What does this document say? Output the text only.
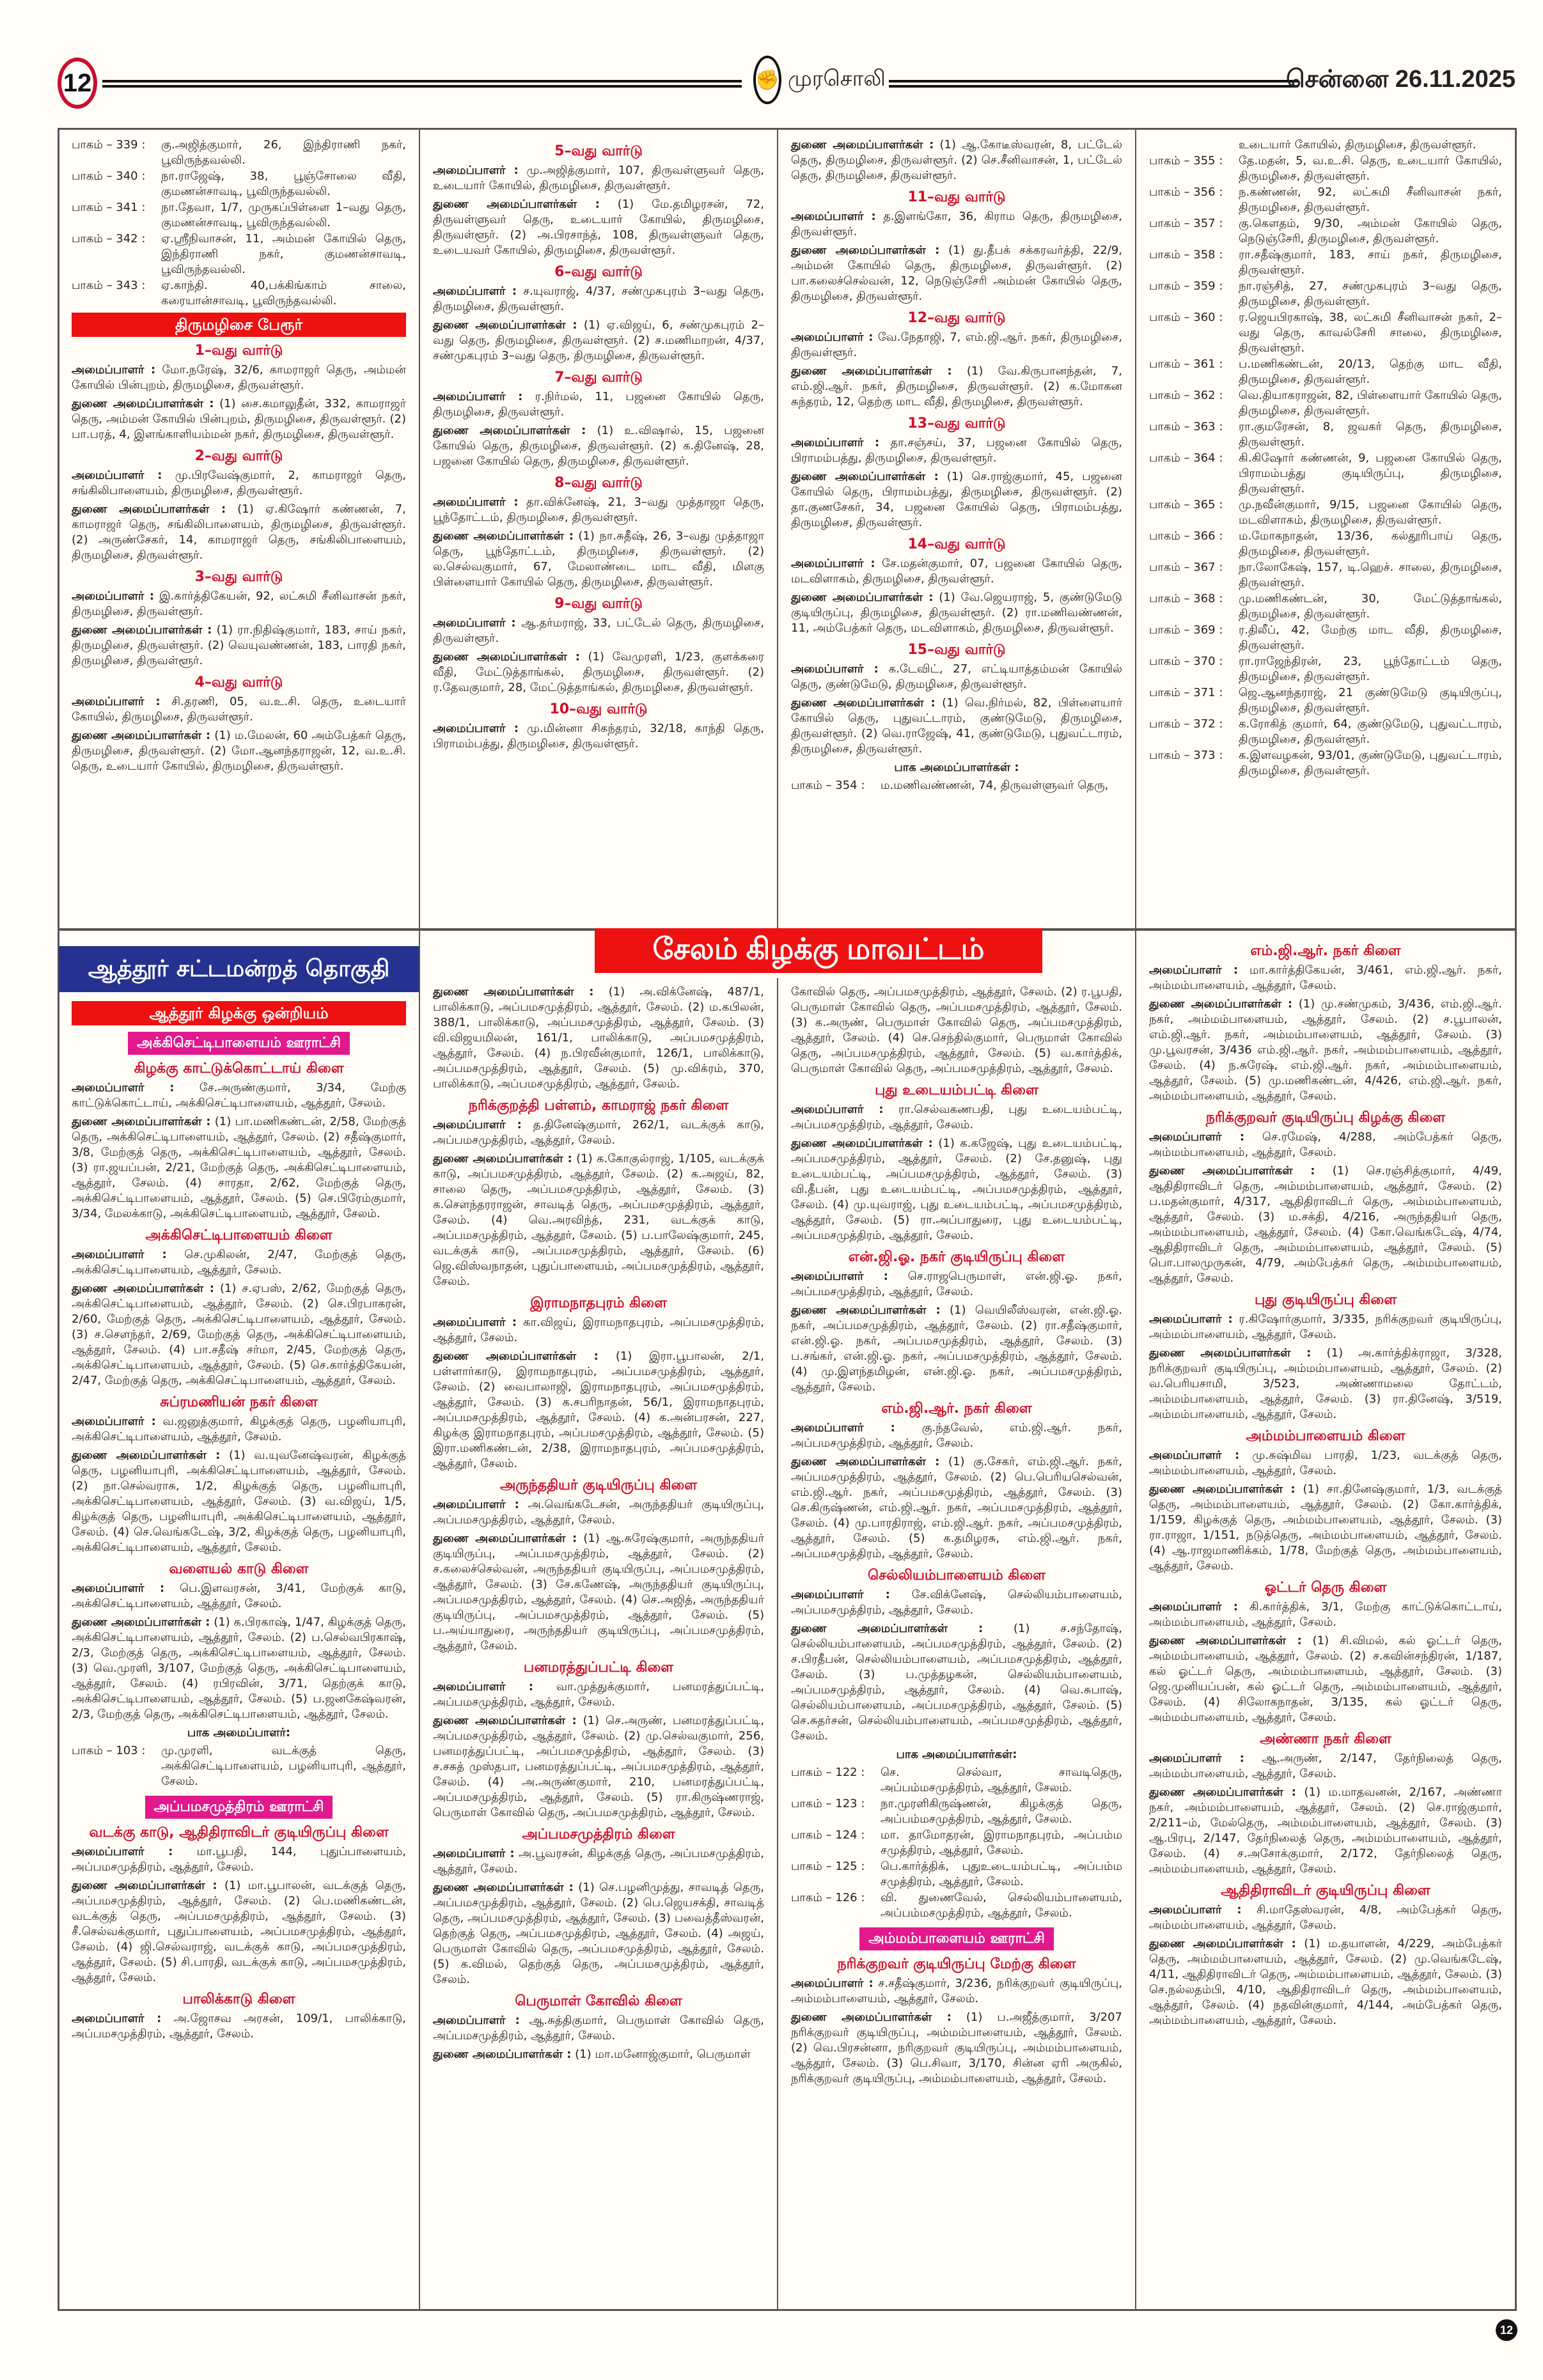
12	✊ முரசொலி	சென்னை 26.11.2025
சேலம் கிழக்கு மாவட்டம்
பாகம் – 339 :	கு.அஜித்குமார், 26, இந்திராணி நகர், பூவிருந்தவல்லி.
பாகம் – 340 :	நா.ராஜேஷ், 38, பூஞ்சோலை வீதி, குமணன்சாவடி, பூவிருந்தவல்லி.
பாகம் – 341 :	நா.தேவா, 1/7, முருகப்பிள்ளை 1–வது தெரு, குமணன்சாவடி, பூவிருந்தவல்லி.
பாகம் – 342 :	ஏ.ஸ்ரீநிவாசன், 11, அம்மன் கோயில் தெரு, இந்திராணி நகர், குமணன்சாவடி, பூவிருந்தவல்லி.
பாகம் – 343 :	ஏ.காந்தி. 40,பக்கிங்காம் சாலை, கரையான்சாவடி, பூவிருந்தவல்லி.
திருமழிசை பேரூர்
1–வது வார்டு

அமைப்பாளர் : மோ.நரேஷ், 32/6, காமராஜர் தெரு, அம்மன் கோயில் பின்புறம், திருமழிசை, திருவள்ளூர்.

துணை அமைப்பாளர்கள் : (1) சை.கமாலுதீன், 332, காமராஜர் தெரு, அம்மன் கோயில் பின்புறம், திருமழிசை, திருவள்ளூர். (2) பா.பரத், 4, இளங்காளியம்மன் நகர், திருமழிசை, திருவள்ளூர்.

2–வது வார்டு

அமைப்பாளர் : மு.பிரவேஷ்குமார், 2, காமராஜர் தெரு, சங்கிலிபாளையம், திருமழிசை, திருவள்ளூர்.

துணை அமைப்பாளர்கள் : (1) ஏ.கிஷோர் கண்ணன், 7, காமராஜர் தெரு, சங்கிலிபாளையம், திருமழிசை, திருவள்ளூர். (2) அருண்சேகர், 14, காமராஜர் தெரு, சங்கிலிபாளையம், திருமழிசை, திருவள்ளூர்.

3–வது வார்டு

அமைப்பாளர் : இ.கார்த்திகேயன், 92, லட்சுமி சீனிவாசன் நகர், திருமழிசை, திருவள்ளூர்.

துணை அமைப்பாளர்கள் : (1) ரா.நிதிஷ்குமார், 183, சாய் நகர், திருமழிசை, திருவள்ளூர். (2) வெயுவண்ணன், 183, பாரதி நகர், திருமழிசை, திருவள்ளூர்.

4–வது வார்டு

அமைப்பாளர் : சி.தரணி, 05, வ.உ.சி. தெரு, உடையார் கோயில், திருமழிசை, திருவள்ளூர்.

துணை அமைப்பாளர்கள் : (1) ம.மேலன், 60 அம்பேத்கர் தெரு, திருமழிசை, திருவள்ளூர். (2) மோ.ஆனந்தராஜன், 12, வ.உ.சி. தெரு, உடையார் கோயில், திருமழிசை, திருவள்ளூர்.

5–வது வார்டு

அமைப்பாளர் : மு.அஜித்குமார், 107, திருவள்ளுவர் தெரு, உடையார் கோயில், திருமழிசை, திருவள்ளூர்.

துணை அமைப்பாளர்கள் : (1) மே.தமிழரசன், 72, திருவள்ளுவர் தெரு, உடையார் கோயில், திருமழிசை, திருவள்ளூர். (2) அ.பிரசாந்த், 108, திருவள்ளுவர் தெரு, உடையவர் கோயில், திருமழிசை, திருவள்ளூர்.

6–வது வார்டு

அமைப்பாளர் : ச.யுவராஜ், 4/37, சண்முகபுரம் 3–வது தெரு, திருமழிசை, திருவள்ளூர்.

துணை அமைப்பாளர்கள் : (1) ஏ.விஜய், 6, சண்முகபுரம் 2–வது தெரு, திருமழிசை, திருவள்ளூர். (2) ச.மணிமாறன், 4/37, சண்முகபுரம் 3–வது தெரு, திருமழிசை, திருவள்ளூர்.

7–வது வார்டு

அமைப்பாளர் : ர.நிர்மல், 11, பஜனை கோயில் தெரு, திருமழிசை, திருவள்ளூர்.

துணை அமைப்பாளர்கள் : (1) உ.விஷால், 15, பஜனை கோயில் தெரு, திருமழிசை, திருவள்ளூர். (2) க.தினேஷ், 28, பஜனை கோயில் தெரு, திருமழிசை, திருவள்ளூர்.

8–வது வார்டு

அமைப்பாளர் : தா.விக்னேஷ், 21, 3–வது முத்தாஜா தெரு, பூந்தோட்டம், திருமழிசை, திருவள்ளூர்.

துணை அமைப்பாளர்கள் : (1) நா.சுதீஷ், 26, 3–வது முத்தாஜா தெரு, பூந்தோட்டம், திருமழிசை, திருவள்ளூர். (2) ல.செல்வகுமார், 67, மேலாண்டை மாட வீதி, மிளகு பிள்ளையார் கோயில் தெரு, திருமழிசை, திருவள்ளூர்.

9–வது வார்டு

அமைப்பாளர் : ஆ.தர்மராஜ், 33, பட்டேல் தெரு, திருமழிசை, திருவள்ளூர்.

துணை அமைப்பாளர்கள் : (1) வேமுரளி, 1/23, குளக்கரை வீதி, மேட்டுத்தாங்கல், திருமழிசை, திருவள்ளூர். (2) ர.தேவகுமார், 28, மேட்டுத்தாங்கல், திருமழிசை, திருவள்ளூர்.

10–வது வார்டு

அமைப்பாளர் : மு.மின்னா சிகந்தரம், 32/18, காந்தி தெரு, பிராமம்பத்து, திருமழிசை, திருவள்ளூர்.

துணை அமைப்பாளர்கள் : (1) ஆ.கோடீஸ்வரன், 8, பட்டேல் தெரு, திருமழிசை, திருவள்ளூர். (2) செ.சீனிவாசன், 1, பட்டேல் தெரு, திருமழிசை, திருவள்ளூர்.

11–வது வார்டு

அமைப்பாளர் : த.இளங்கோ, 36, கிராம தெரு, திருமழிசை, திருவள்ளூர்.

துணை அமைப்பாளர்கள் : (1) து.தீபக் சக்கரவர்த்தி, 22/9, அம்மன் கோயில் தெரு, திருமழிசை, திருவள்ளூர். (2) பா.கலைச்செல்வன், 12, நெடுஞ்சேரி அம்மன் கோயில் தெரு, திருமழிசை, திருவள்ளூர்.

12–வது வார்டு

அமைப்பாளர் : வே.நேதாஜி, 7, எம்.ஜி.ஆர். நகர், திருமழிசை, திருவள்ளூர்.

துணை அமைப்பாளர்கள் : (1) வே.கிருபானந்தன், 7, எம்.ஜி.ஆர். நகர், திருமழிசை, திருவள்ளூர். (2) க.மோகன சுந்தரம், 12, தெற்கு மாட வீதி, திருமழிசை, திருவள்ளூர்.

13–வது வார்டு

அமைப்பாளர் : தா.சஞ்சய், 37, பஜனை கோயில் தெரு, பிராமம்பத்து, திருமழிசை, திருவள்ளூர்.

துணை அமைப்பாளர்கள் : (1) செ.ராஜ்குமார், 45, பஜனை கோயில் தெரு, பிராமம்பத்து, திருமழிசை, திருவள்ளூர். (2) தா.குணசேகர், 34, பஜனை கோயில் தெரு, பிராமம்பத்து, திருமழிசை, திருவள்ளூர்.

14–வது வார்டு

அமைப்பாளர் : சே.மதன்குமார், 07, பஜனை கோயில் தெரு, மடவிளாகம், திருமழிசை, திருவள்ளூர்.

துணை அமைப்பாளர்கள் : (1) வே.ஜெயராஜ், 5, குண்டுமேடு குடியிருப்பு, திருமழிசை, திருவள்ளூர். (2) ரா.மணிவண்ணன், 11, அம்பேத்கர் தெரு, மடவிளாகம், திருமழிசை, திருவள்ளூர்.

15–வது வார்டு

அமைப்பாளர் : க.டேவிட், 27, எட்டியாத்தம்மன் கோயில் தெரு, குண்டுமேடு, திருமழிசை, திருவள்ளூர்.

துணை அமைப்பாளர்கள் : (1) வெ.நிர்மல், 82, பிள்ளையார் கோயில் தெரு, புதுவட்டாரம், குண்டுமேடு, திருமழிசை, திருவள்ளூர். (2) வெ.ராஜேஷ், 41, குண்டுமேடு, புதுவட்டாரம், திருமழிசை, திருவள்ளூர்.

பாக அமைப்பாளர்கள் :
பாகம் – 354 :	ம.மணிவண்ணன், 74, திருவள்ளுவர் தெரு,
உடையார் கோயில், திருமழிசை, திருவள்ளூர்.
பாகம் – 355 :	தே.மதன், 5, வ.உ.சி. தெரு, உடையார் கோயில், திருமழிசை, திருவள்ளூர்.
பாகம் – 356 :	ந.கண்ணன், 92, லட்சுமி சீனிவாசன் நகர், திருமழிசை, திருவள்ளூர்.
பாகம் – 357 :	கு.கௌதம், 9/30, அம்மன் கோயில் தெரு, நெடுஞ்சேரி, திருமழிசை, திருவள்ளூர்.
பாகம் – 358 :	ரா.சதீஷ்குமார், 183, சாய் நகர், திருமழிசை, திருவள்ளூர்.
பாகம் – 359 :	நா.ரஞ்சித், 27, சண்முகபுரம் 3–வது தெரு, திருமழிசை, திருவள்ளூர்.
பாகம் – 360 :	ர.ஜெயபிரகாஷ், 38, லட்சுமி சீனிவாசன் நகர், 2–வது தெரு, காவல்சேரி சாலை, திருமழிசை, திருவள்ளூர்.
பாகம் – 361 :	ப.மணிகண்டன், 20/13, தெற்கு மாட வீதி, திருமழிசை, திருவள்ளூர்.
பாகம் – 362 :	வெ.தியாகராஜன், 82, பிள்ளையார் கோயில் தெரு, திருமழிசை, திருவள்ளூர்.
பாகம் – 363 :	ரா.குமரேசன், 8, ஜவகர் தெரு, திருமழிசை, திருவள்ளூர்.
பாகம் – 364 :	கி.கிஷோர் கண்ணன், 9, பஜனை கோயில் தெரு, பிராமம்பத்து குடியிருப்பு, திருமழிசை, திருவள்ளூர்.
பாகம் – 365 :	மு.நவீன்குமார், 9/15, பஜனை கோயில் தெரு, மடவிளாகம், திருமழிசை, திருவள்ளூர்.
பாகம் – 366 :	ம.மோகநாதன், 13/36, கல்தூரிபாய் தெரு, திருமழிசை, திருவள்ளூர்.
பாகம் – 367 :	நா.லோகேஷ், 157, டி.ஹெச். சாலை, திருமழிசை, திருவள்ளூர்.
பாகம் – 368 :	மு.மணிகண்டன், 30, மேட்டுத்தாங்கல், திருமழிசை, திருவள்ளூர்.
பாகம் – 369 :	ர.திலீப், 42, மேற்கு மாட வீதி, திருமழிசை, திருவள்ளூர்.
பாகம் – 370 :	ரா.ராஜேந்திரன், 23, பூந்தோட்டம் தெரு, திருமழிசை, திருவள்ளூர்.
பாகம் – 371 :	ஜெ.ஆனந்தராஜ், 21 குண்டுமேடு குடியிருப்பு, திருமழிசை, திருவள்ளூர்.
பாகம் – 372 :	க.ரோகித் குமார், 64, குண்டுமேடு, புதுவட்டாரம், திருமழிசை, திருவள்ளூர்.
பாகம் – 373 :	க.இளவழகன், 93/01, குண்டுமேடு, புதுவட்டாரம், திருமழிசை, திருவள்ளூர்.
ஆத்தூர் சட்டமன்றத் தொகுதி
ஆத்தூர் கிழக்கு ஒன்றியம்
அக்கிசெட்டிபாளையம் ஊராட்சி
கிழக்கு காட்டுக்கொட்டாய் கிளை

அமைப்பாளர் : சே.அருண்குமார், 3/34, மேற்கு காட்டுக்கொட்டாய், அக்கிசெட்டிபாளையம், ஆத்தூர், சேலம்.

துணை அமைப்பாளர்கள் : (1) பா.மணிகண்டன், 2/58, மேற்குத் தெரு, அக்கிசெட்டிபாளையம், ஆத்தூர், சேலம். (2) சதீஷ்குமார், 3/8, மேற்குத் தெரு, அக்கிசெட்டிபாளையம், ஆத்தூர், சேலம். (3) ரா.ஜயப்பன், 2/21, மேற்குத் தெரு, அக்கிசெட்டிபாளையம், ஆத்தூர், சேலம். (4) சாரதா, 2/62, மேற்குத் தெரு, அக்கிசெட்டிபாளையம், ஆத்தூர், சேலம். (5) செ.பிரேம்குமார், 3/34, மேலக்காடு, அக்கிசெட்டிபாளையம், ஆத்தூர், சேலம்.

அக்கிசெட்டிபாளையம் கிளை

அமைப்பாளர் : செ.முகிலன், 2/47, மேற்குத் தெரு, அக்கிசெட்டிபாளையம், ஆத்தூர், சேலம்.

துணை அமைப்பாளர்கள் : (1) ச.ஏபஸ், 2/62, மேற்குத் தெரு, அக்கிசெட்டிபாளையம், ஆத்தூர், சேலம். (2) செ.பிரபாகரன், 2/60, மேற்குத் தெரு, அக்கிசெட்டிபாளையம், ஆத்தூர், சேலம். (3) ச.சௌந்தர், 2/69, மேற்குத் தெரு, அக்கிசெட்டிபாளையம், ஆத்தூர், சேலம். (4) பா.சதீஷ் சர்மா, 2/45, மேற்குத் தெரு, அக்கிசெட்டிபாளையம், ஆத்தூர், சேலம். (5) செ.கார்த்திகேயன், 2/47, மேற்குத் தெரு, அக்கிசெட்டிபாளையம், ஆத்தூர், சேலம்.

சுப்ரமணியன் நகர் கிளை

அமைப்பாளர் : வ.ஜனுத்குமார், கிழக்குத் தெரு, பழனியாபுரி, அக்கிசெட்டிபாளையம், ஆத்தூர், சேலம்.

துணை அமைப்பாளர்கள் : (1) வ.யுவனேஷ்வரன், கிழக்குத் தெரு, பழனியாபுரி, அக்கிசெட்டிபாளையம், ஆத்தூர், சேலம். (2) நா.செல்வராசு, 1/2, கிழக்குத் தெரு, பழனியாபுரி, அக்கிசெட்டிபாளையம், ஆத்தூர், சேலம். (3) வ.விஜய், 1/5, கிழக்குத் தெரு, பழனியாபுரி, அக்கிசெட்டிபாளையம், ஆத்தூர், சேலம். (4) செ.வெங்கடேஷ், 3/2, கிழக்குத் தெரு, பழனியாபுரி, அக்கிசெட்டிபாளையம், ஆத்தூர், சேலம்.

வளையல் காடு கிளை

அமைப்பாளர் : பெ.இளவரசன், 3/41, மேற்குக் காடு, அக்கிசெட்டிபாளையம், ஆத்தூர், சேலம்.

துணை அமைப்பாளர்கள் : (1) க.பிரகாஷ், 1/47, கிழக்குத் தெரு, அக்கிசெட்டிபாளையம், ஆத்தூர், சேலம். (2) ப.செல்வபிரகாஷ், 2/3, மேற்குத் தெரு, அக்கிசெட்டிபாளையம், ஆத்தூர், சேலம். (3) வெ.முரளி, 3/107, மேற்குத் தெரு, அக்கிசெட்டிபாளையம், ஆத்தூர், சேலம். (4) ரபிரவின், 3/71, தெற்குக் காடு, அக்கிசெட்டிபாளையம், ஆத்தூர், சேலம். (5) ப.ஜனகேஷ்வரன், 2/3, மேற்குத் தெரு, அக்கிசெட்டிபாளையம், ஆத்தூர், சேலம்.

பாக அமைப்பாளர்:
பாகம் – 103 :	மு.முரளி, வடக்குத் தெரு, அக்கிசெட்டிபாளையம், பழனியாபுரி, ஆத்தூர், சேலம்.
அப்பமசமுத்திரம் ஊராட்சி
வடக்கு காடு, ஆதிதிராவிடர் குடியிருப்பு கிளை

அமைப்பாளர் : மா.பூபதி, 144, புதுப்பாளையம், அப்பமசமுத்திரம், ஆத்தூர், சேலம்.

துணை அமைப்பாளர்கள் : (1) மா.பூபாலன், வடக்குத் தெரு, அப்பமசமுத்திரம், ஆத்தூர், சேலம். (2) பெ.மணிகண்டன், வடக்குத் தெரு, அப்பமசமுத்திரம், ஆத்தூர், சேலம். (3) சீ.செல்வக்குமார், புதுப்பாளையம், அப்பமசமுத்திரம், ஆத்தூர், சேலம். (4) ஜி.செல்வராஜ், வடக்குக் காடு, அப்பமசமுத்திரம், ஆத்தூர், சேலம். (5) சி.பாரதி, வடக்குக் காடு, அப்பமசமுத்திரம், ஆத்தூர், சேலம்.

பாலிக்காடு கிளை

அமைப்பாளர் : அ.ஜோசவ அரசன், 109/1, பாலிக்காடு, அப்பமசமுத்திரம், ஆத்தூர், சேலம்.

துணை அமைப்பாளர்கள் : (1) அ.விக்னேஷ், 487/1, பாலிக்காடு, அப்பமசமுத்திரம், ஆத்தூர், சேலம். (2) ம.கபிலன், 388/1, பாலிக்காடு, அப்பமசமுத்திரம், ஆத்தூர், சேலம். (3) வி.விஜயமிலன், 161/1, பாலிக்காடு, அப்பமசமுத்திரம், ஆத்தூர், சேலம். (4) ந.பிரவீன்குமார், 126/1, பாலிக்காடு, அப்பமசமுத்திரம், ஆத்தூர், சேலம். (5) மு.விக்ரம், 370, பாலிக்காடு, அப்பமசமுத்திரம், ஆத்தூர், சேலம்.

நரிக்குறத்தி பள்ளம், காமராஜ் நகர் கிளை

அமைப்பாளர் : த.தினேஷ்குமார், 262/1, வடக்குக் காடு, அப்பமசமுத்திரம், ஆத்தூர், சேலம்.

துணை அமைப்பாளர்கள் : (1) க.கோகுல்ராஜ், 1/105, வடக்குக் காடு, அப்பமசமுத்திரம், ஆத்தூர், சேலம். (2) க.அஜய், 82, சாலை தெரு, அப்பமசமுத்திரம், ஆத்தூர், சேலம். (3) க.சௌந்தரராஜன், சாவடித் தெரு, அப்பமசமுத்திரம், ஆத்தூர், சேலம். (4) வெ.அரவிந்த், 231, வடக்குக் காடு, அப்பமசமுத்திரம், ஆத்தூர், சேலம். (5) ப.பாலேஷ்குமார், 245, வடக்குக் காடு, அப்பமசமுத்திரம், ஆத்தூர், சேலம். (6) ஜெ.விஸ்வநாதன், புதுப்பாளையம், அப்பமசமுத்திரம், ஆத்தூர், சேலம்.

இராமநாதபுரம் கிளை

அமைப்பாளர் : கா.விஜய், இராமநாதபுரம், அப்பமசமுத்திரம், ஆத்தூர், சேலம்.

துணை அமைப்பாளர்கள் : (1) இரா.பூபாலன், 2/1, பள்ளார்காடு, இராமநாதபுரம், அப்பமசமுத்திரம், ஆத்தூர், சேலம். (2) வைபாலாஜி, இராமநாதபுரம், அப்பமசமுத்திரம், ஆத்தூர், சேலம். (3) க.சபரிநாதன், 56/1, இராமநாதபுரம், அப்பமசமுத்திரம், ஆத்தூர், சேலம். (4) க.அன்பரசன், 227, கிழக்கு இராமநாதபுரம், அப்பமசமுத்திரம், ஆத்தூர், சேலம். (5) இரா.மணிகண்டன், 2/38, இராமநாதபுரம், அப்பமசமுத்திரம், ஆத்தூர், சேலம்.

அருந்ததியர் குடியிருப்பு கிளை

அமைப்பாளர் : அ.வெங்கடேசன், அருந்ததியர் குடியிருப்பு, அப்பமசமுத்திரம், ஆத்தூர், சேலம்.

துணை அமைப்பாளர்கள் : (1) ஆ.சுரேஷ்குமார், அருந்ததியர் குடியிருப்பு, அப்பமசமுத்திரம், ஆத்தூர், சேலம். (2) ச.கலைச்செல்வன், அருந்ததியர் குடியிருப்பு, அப்பமசமுத்திரம், ஆத்தூர், சேலம். (3) சே.கணேஷ், அருந்ததியர் குடியிருப்பு, அப்பமசமுத்திரம், ஆத்தூர், சேலம். (4) செ.அஜித், அருந்ததியர் குடியிருப்பு, அப்பமசமுத்திரம், ஆத்தூர், சேலம். (5) ப.அய்யாதுரை, அருந்ததியர் குடியிருப்பு, அப்பமசமுத்திரம், ஆத்தூர், சேலம்.

பனமரத்துப்பட்டி கிளை

அமைப்பாளர் : வா.முத்துக்குமார், பனமரத்துப்பட்டி, அப்பமசமுத்திரம், ஆத்தூர், சேலம்.

துணை அமைப்பாளர்கள் : (1) செ.அருண், பனமரத்துப்பட்டி, அப்பமசமுத்திரம், ஆத்தூர், சேலம். (2) மு.செல்வகுமார், 256, பனமரத்துப்பட்டி, அப்பமசமுத்திரம், ஆத்தூர், சேலம். (3) ச.சசுத் முஸ்தபா, பனமரத்துப்பட்டி, அப்பமசமுத்திரம், ஆத்தூர், சேலம். (4) அ.அருண்குமார், 210, பனமரத்துப்பட்டி, அப்பமசமுத்திரம், ஆத்தூர், சேலம். (5) ரா.கிருஷ்ணராஜ், பெருமாள் கோவில் தெரு, அப்பமசமுத்திரம், ஆத்தூர், சேலம்.

அப்பமசமுத்திரம் கிளை

அமைப்பாளர் : அ.பூவரசன், கிழக்குத் தெரு, அப்பமசமுத்திரம், ஆத்தூர், சேலம்.

துணை அமைப்பாளர்கள் : (1) செ.பழனிமுத்து, சாவடித் தெரு, அப்பமசமுத்திரம், ஆத்தூர், சேலம். (2) பெ.ஜெயசக்தி, சாவடித் தெரு, அப்பமசமுத்திரம், ஆத்தூர், சேலம். (3) பவைத்தீஸ்வரன், தெற்குத் தெரு, அப்பமசமுத்திரம், ஆத்தூர், சேலம். (4) அஜய், பெருமாள் கோவில் தெரு, அப்பமசமுத்திரம், ஆத்தூர், சேலம். (5) க.விமல், தெற்குத் தெரு, அப்பமசமுத்திரம், ஆத்தூர், சேலம்.

பெருமாள் கோவில் கிளை

அமைப்பாளர் : ஆ.சுத்திகுமார், பெருமாள் கோவில் தெரு, அப்பமசமுத்திரம், ஆத்தூர், சேலம்.

துணை அமைப்பாளர்கள் : (1) மா.மனோஜ்குமார், பெருமாள்

கோவில் தெரு, அப்பமசமுத்திரம், ஆத்தூர், சேலம். (2) ர.பூபதி, பெருமாள் கோவில் தெரு, அப்பமசமுத்திரம், ஆத்தூர், சேலம். (3) க.அருண், பெருமாள் கோவில் தெரு, அப்பமசமுத்திரம், ஆத்தூர், சேலம். (4) செ.செந்தில்குமார், பெருமாள் கோவில் தெரு, அப்பமசமுத்திரம், ஆத்தூர், சேலம். (5) வ.கார்த்திக், பெருமாள் கோவில் தெரு, அப்பமசமுத்திரம், ஆத்தூர், சேலம்.

புது உடையம்பட்டி கிளை

அமைப்பாளர் : ரா.செல்வகணபதி, புது உடையம்பட்டி, அப்பமசமுத்திரம், ஆத்தூர், சேலம்.

துணை அமைப்பாளர்கள் : (1) க.கஜேஷ், புது உடையம்பட்டி, அப்பமசமுத்திரம், ஆத்தூர், சேலம். (2) சே.தனுஷ், புது உடையம்பட்டி, அப்பமசமுத்திரம், ஆத்தூர், சேலம். (3) வி.தீபன், புது உடையம்பட்டி, அப்பமசமுத்திரம், ஆத்தூர், சேலம். (4) மு.யுவராஜ், புது உடையம்பட்டி, அப்பமசமுத்திரம், ஆத்தூர், சேலம். (5) ரா.அப்பாதுரை, புது உடையம்பட்டி, அப்பமசமுத்திரம், ஆத்தூர், சேலம்.

என்.ஜி.ஓ. நகர் குடியிருப்பு கிளை

அமைப்பாளர் : செ.ராஜபெருமாள், என்.ஜி.ஓ. நகர், அப்பமசமுத்திரம், ஆத்தூர், சேலம்.

துணை அமைப்பாளர்கள் : (1) வெயிலீஸ்வரன், என்.ஜி.ஓ. நகர், அப்பமசமுத்திரம், ஆத்தூர், சேலம். (2) ரா.சதீஷ்குமார், என்.ஜி.ஓ. நகர், அப்பமசமுத்திரம், ஆத்தூர், சேலம். (3) ப.சங்கர், என்.ஜி.ஓ. நகர், அப்பமசமுத்திரம், ஆத்தூர், சேலம். (4) மு.இளந்தமிழன், என்.ஜி.ஓ. நகர், அப்பமசமுத்திரம், ஆத்தூர், சேலம்.

எம்.ஜி.ஆர். நகர் கிளை

அமைப்பாளர் : கு.ந்தவேல், எம்.ஜி.ஆர். நகர், அப்பமசமுத்திரம், ஆத்தூர், சேலம்.

துணை அமைப்பாளர்கள் : (1) கு.சேகர், எம்.ஜி.ஆர். நகர், அப்பமசமுத்திரம், ஆத்தூர், சேலம். (2) பெ.பெரியசெல்வன், எம்.ஜி.ஆர். நகர், அப்பமசமுத்திரம், ஆத்தூர், சேலம். (3) செ.கிருஷ்ணன், எம்.ஜி.ஆர். நகர், அப்பமசமுத்திரம், ஆத்தூர், சேலம். (4) மு.பாரதிராஜ், எம்.ஜி.ஆர். நகர், அப்பமசமுத்திரம், ஆத்தூர், சேலம். (5) க.தமிழரசு, எம்.ஜி.ஆர். நகர், அப்பமசமுத்திரம், ஆத்தூர், சேலம்.

செல்லியம்பாளையம் கிளை

அமைப்பாளர் : சே.விக்னேஷ், செல்லியம்பாளையம், அப்பமசமுத்திரம், ஆத்தூர், சேலம்.

துணை அமைப்பாளர்கள் :	(1) ச.சந்தோஷ், செல்லியம்பாளையம், அப்பமசமுத்திரம், ஆத்தூர், சேலம். (2) ச.பிரதீபன், செல்லியம்பாளையம், அப்பமசமுத்திரம், ஆத்தூர், சேலம். (3) ப.முத்தழகன், செல்லியம்பாளையம், அப்பமசமுத்திரம், ஆத்தூர், சேலம். (4) வெ.சுபாஷ், செல்லியம்பாளையம், அப்பமசமுத்திரம், ஆத்தூர், சேலம். (5) செ.சுதர்சன், செல்லியம்பாளையம், அப்பமசமுத்திரம், ஆத்தூர், சேலம்.

பாக அமைப்பாளர்கள்:
பாகம் – 122 :	செ. செல்வா, சாவடிதெரு, அப்பம்மசமுத்திரம், ஆத்தூர், சேலம்.
பாகம் – 123 :	நா.முரளிகிருஷ்ணன், கிழக்குத் தெரு, அப்பம்மசமுத்திரம், ஆத்தூர், சேலம்.
பாகம் – 124 :	மா. தாமோதரன், இராமநாதபுரம், அப்பம்ம சமுத்திரம், ஆத்தூர், சேலம்.
பாகம் – 125 :	பெ.கார்த்திக், புதுஉடையம்பட்டி, அப்பம்ம சமுத்திரம், ஆத்தூர், சேலம்.
பாகம் – 126 :	வி. துணைவேல், செல்லியம்பாளையம், அப்பம்மசமுத்திரம், ஆத்தூர், சேலம்.
அம்மம்பாளையம் ஊராட்சி
நரிக்குறவர் குடியிருப்பு மேற்கு கிளை

அமைப்பாளர் : ச.சதீஷ்குமார், 3/236, நரிக்குறவர் குடியிருப்பு, அம்மம்பாளையம், ஆத்தூர், சேலம்.

துணை அமைப்பாளர்கள் : (1) ப.அஜீத்குமார், 3/207 நரிக்குறவர் குடியிருப்பு, அம்மம்பாளையம், ஆத்தூர், சேலம். (2) வெ.பிரசன்னா, நரிகுறவர் குடியிருப்பு, அம்மம்பாளையம், ஆத்தூர், சேலம். (3) பெ.சிவா, 3/170, சின்ன ஏரி அருகில், நரிக்குறவர் குடியிருப்பு, அம்மம்பாளையம், ஆத்தூர், சேலம்.

எம்.ஜி.ஆர். நகர் கிளை

அமைப்பாளர் : மா.கார்த்திகேயன், 3/461, எம்.ஜி.ஆர். நகர், அம்மம்பாளையம், ஆத்தூர், சேலம்.

துணை அமைப்பாளர்கள் : (1) மு.சண்முகம், 3/436, எம்.ஜி.ஆர். நகர், அம்மம்பாளையம், ஆத்தூர், சேலம். (2) ச.பூபாலன், எம்.ஜி.ஆர். நகர், அம்மம்பாளையம், ஆத்தூர், சேலம். (3) மு.பூவரசன், 3/436 எம்.ஜி.ஆர். நகர், அம்மம்பாளையம், ஆத்தூர், சேலம். (4) ந.சுரேஷ், எம்.ஜி.ஆர். நகர், அம்மம்பாளையம், ஆத்தூர், சேலம். (5) மு.மணிகண்டன், 4/426, எம்.ஜி.ஆர். நகர், அம்மம்பாளையம், ஆத்தூர், சேலம்.

நரிக்குறவர் குடியிருப்பு கிழக்கு கிளை

அமைப்பாளர் : செ.ரமேஷ், 4/288, அம்பேத்கர் தெரு, அம்மம்பாளையம், ஆத்தூர், சேலம்.

துணை அமைப்பாளர்கள் : (1) செ.ரஞ்சித்குமார், 4/49, ஆதிதிராவிடர் தெரு, அம்மம்பாளையம், ஆத்தூர், சேலம். (2) ப.மதன்குமார், 4/317, ஆதிதிராவிடர் தெரு, அம்மம்பாளையம், ஆத்தூர், சேலம். (3) ம.சக்தி, 4/216, அருந்ததியர் தெரு, அம்மம்பாளையம், ஆத்தூர், சேலம். (4) கோ.வெங்கடேஷ், 4/74, ஆதிதிராவிடர் தெரு, அம்மம்பாளையம், ஆத்தூர், சேலம். (5) பொ.பாலமுருகன், 4/79, அம்பேத்கர் தெரு, அம்மம்பாளையம், ஆத்தூர், சேலம்.

புது குடியிருப்பு கிளை

அமைப்பாளர் : ர.கிஷோர்குமார், 3/335, நரிக்குறவர் குடியிருப்பு, அம்மம்பாளையம், ஆத்தூர், சேலம்.

துணை அமைப்பாளர்கள் : (1) அ.கார்த்திக்ராஜா, 3/328, நரிக்குறவர் குடியிருப்பு, அம்மம்பாளையம், ஆத்தூர், சேலம். (2) வ.பெரியசாமி, 3/523, அண்ணாமலை தோட்டம், அம்மம்பாளையம், ஆத்தூர், சேலம். (3) ரா.தினேஷ், 3/519, அம்மம்பாளையம், ஆத்தூர், சேலம்.

அம்மம்பாளையம் கிளை

அமைப்பாளர் : மு.சுஷ்மிவ பாரதி, 1/23, வடக்குத் தெரு, அம்மம்பாளையம், ஆத்தூர், சேலம்.

துணை அமைப்பாளர்கள் : (1) சா.தினேஷ்குமார், 1/3, வடக்குத் தெரு, அம்மம்பாளையம், ஆத்தூர், சேலம். (2) கோ.கார்த்திக், 1/159, கிழக்குத் தெரு, அம்மம்பாளையம், ஆத்தூர், சேலம். (3) ரா.ராஜா, 1/151, நடுத்தெரு, அம்மம்பாளையம், ஆத்தூர், சேலம். (4) ஆ.ராஜமாணிக்கம், 1/78, மேற்குத் தெரு, அம்மம்பாளையம், ஆத்தூர், சேலம்.

ஓட்டர் தெரு கிளை

அமைப்பாளர் : கி.கார்த்திக், 3/1, மேற்கு காட்டுக்கொட்டாய், அம்மம்பாளையம், ஆத்தூர், சேலம்.

துணை அமைப்பாளர்கள் : (1) சி.விமல், கல் ஓட்டர் தெரு, அம்மம்பாளையம், ஆத்தூர், சேலம். (2) ச.கவின்சந்திரன், 1/187, கல் ஓட்டர் தெரு, அம்மம்பாளையம், ஆத்தூர், சேலம். (3) ஜெ.முனியப்பன், கல் ஓட்டர் தெரு, அம்மம்பாளையம், ஆத்தூர், சேலம். (4) சிலோகநாதன், 3/135, கல் ஓட்டர் தெரு, அம்மம்பாளையம், ஆத்தூர், சேலம்.

அண்ணா நகர் கிளை

அமைப்பாளர் : ஆ.அருண், 2/147, தேர்நிலைத் தெரு, அம்மம்பாளையம், ஆத்தூர், சேலம்.

துணை அமைப்பாளர்கள் : (1) ம.மாதவனன், 2/167, அண்ணா நகர், அம்மம்பாளையம், ஆத்தூர், சேலம். (2) செ.ராஜ்குமார், 2/211–ம், மேல்தெரு, அம்மம்பாளையம், ஆத்தூர், சேலம். (3) ஆ.பிரபு, 2/147, தேர்நிலைத் தெரு, அம்மம்பாளையம், ஆத்தூர், சேலம். (4) ச.அசோக்குமார், 2/172, தேர்நிலைத் தெரு, அம்மம்பாளையம், ஆத்தூர், சேலம்.

ஆதிதிராவிடர் குடியிருப்பு கிளை

அமைப்பாளர் : சி.மாதேஸ்வரன், 4/8, அம்பேத்கர் தெரு, அம்மம்பாளையம், ஆத்தூர், சேலம்.

துணை அமைப்பாளர்கள் : (1) ம.தயாளன், 4/229, அம்பேத்கர் தெரு, அம்மம்பாளையம், ஆத்தூர், சேலம். (2) மு.வெங்கடேஷ், 4/11, ஆதிதிராவிடர் தெரு, அம்மம்பாளையம், ஆத்தூர், சேலம். (3) செ.நல்லதம்பி, 4/10, ஆதிதிராவிடர் தெரு, அம்மம்பாளையம், ஆத்தூர், சேலம். (4) நதவின்குமார், 4/144, அம்பேத்கர் தெரு, அம்மம்பாளையம், ஆத்தூர், சேலம்.

12
